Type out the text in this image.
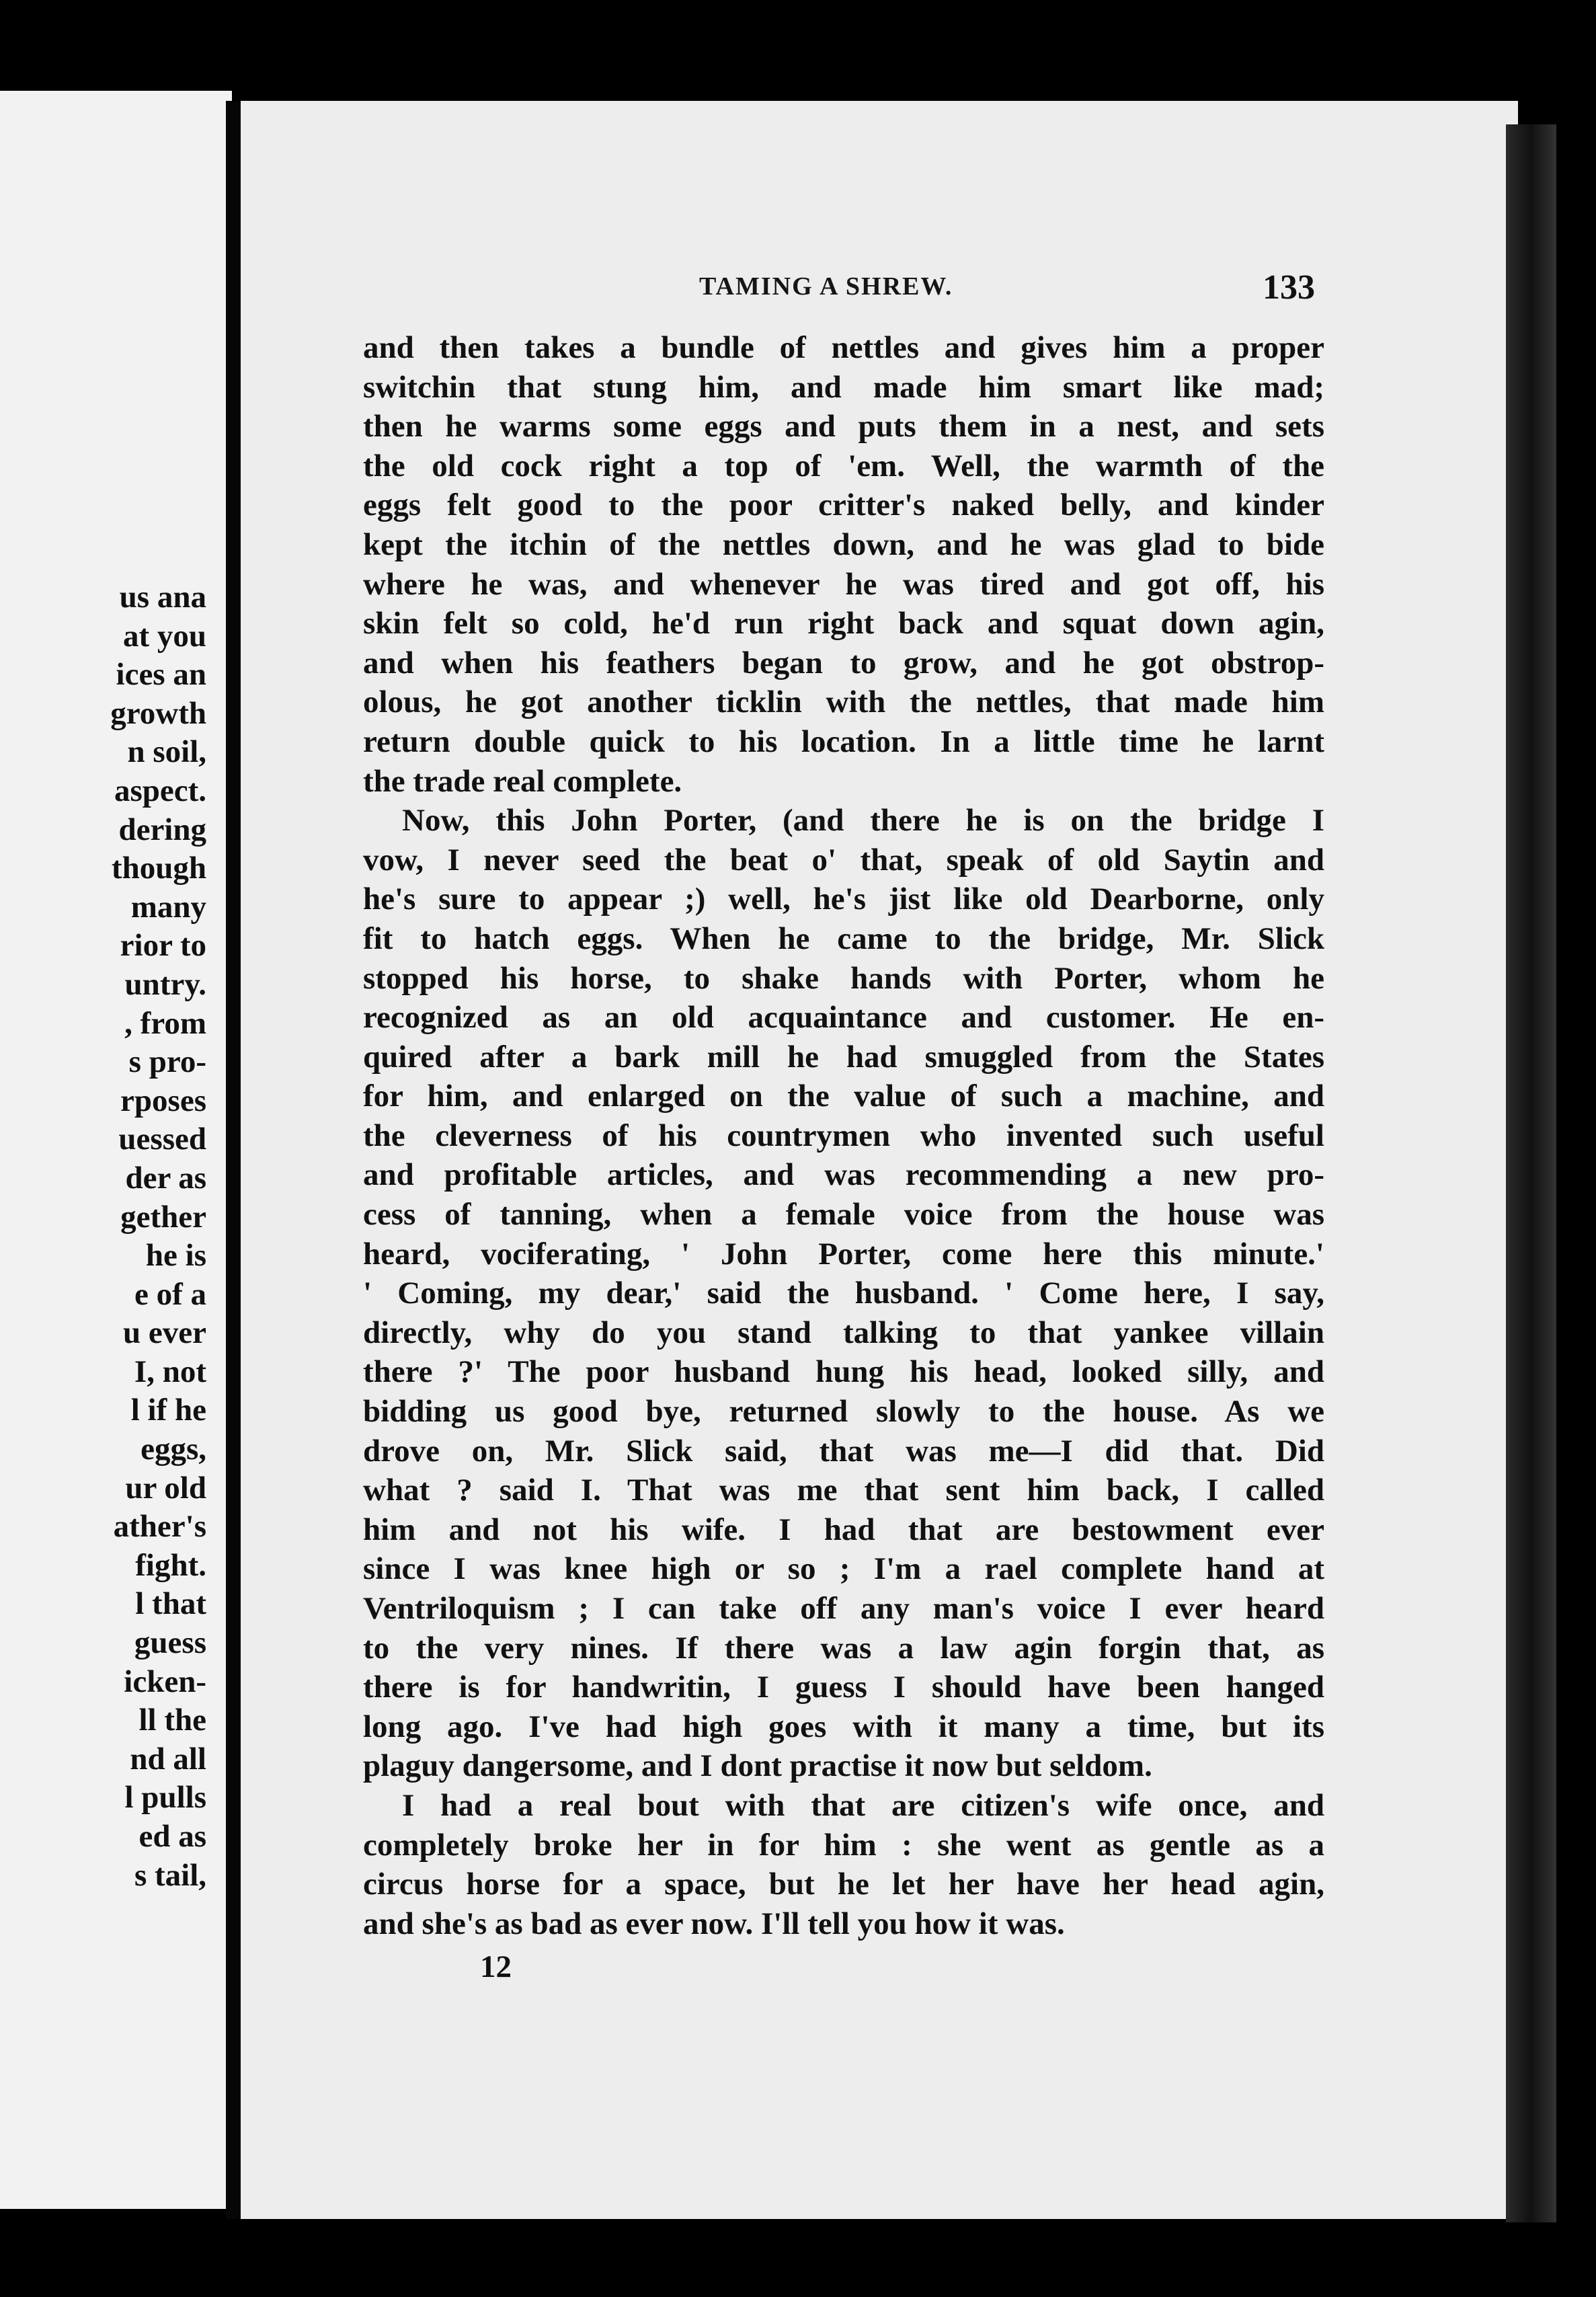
us ana
at you
ices an
growth
n soil,
aspect.
dering
though
many
rior to
untry.
, from
s pro-
rposes
uessed
der as
gether
he is
e of a
u ever
I, not
l if he
eggs,
ur old
ather's
fight.
l that
guess
icken-
ll the
nd all
l pulls
ed as
s tail,
TAMING A SHREW.	133
and then takes a bundle of nettles and gives him a proper
switchin that stung him, and made him smart like mad;
then he warms some eggs and puts them in a nest, and sets
the old cock right a top of 'em. Well, the warmth of the
eggs felt good to the poor critter's naked belly, and kinder
kept the itchin of the nettles down, and he was glad to bide
where he was, and whenever he was tired and got off, his
skin felt so cold, he'd run right back and squat down agin,
and when his feathers began to grow, and he got obstrop-
olous, he got another ticklin with the nettles, that made him
return double quick to his location. In a little time he larnt
the trade real complete.
Now, this John Porter, (and there he is on the bridge I
vow, I never seed the beat o' that, speak of old Saytin and
he's sure to appear ;) well, he's jist like old Dearborne, only
fit to hatch eggs. When he came to the bridge, Mr. Slick
stopped his horse, to shake hands with Porter, whom he
recognized as an old acquaintance and customer. He en-
quired after a bark mill he had smuggled from the States
for him, and enlarged on the value of such a machine, and
the cleverness of his countrymen who invented such useful
and profitable articles, and was recommending a new pro-
cess of tanning, when a female voice from the house was
heard, vociferating, ' John Porter, come here this minute.'
' Coming, my dear,' said the husband. ' Come here, I say,
directly, why do you stand talking to that yankee villain
there ?' The poor husband hung his head, looked silly, and
bidding us good bye, returned slowly to the house. As we
drove on, Mr. Slick said, that was me—I did that. Did
what ? said I. That was me that sent him back, I called
him and not his wife. I had that are bestowment ever
since I was knee high or so ; I'm a rael complete hand at
Ventriloquism ; I can take off any man's voice I ever heard
to the very nines. If there was a law agin forgin that, as
there is for handwritin, I guess I should have been hanged
long ago. I've had high goes with it many a time, but its
plaguy dangersome, and I dont practise it now but seldom.
I had a real bout with that are citizen's wife once, and
completely broke her in for him : she went as gentle as a
circus horse for a space, but he let her have her head agin,
and she's as bad as ever now. I'll tell you how it was.
12
